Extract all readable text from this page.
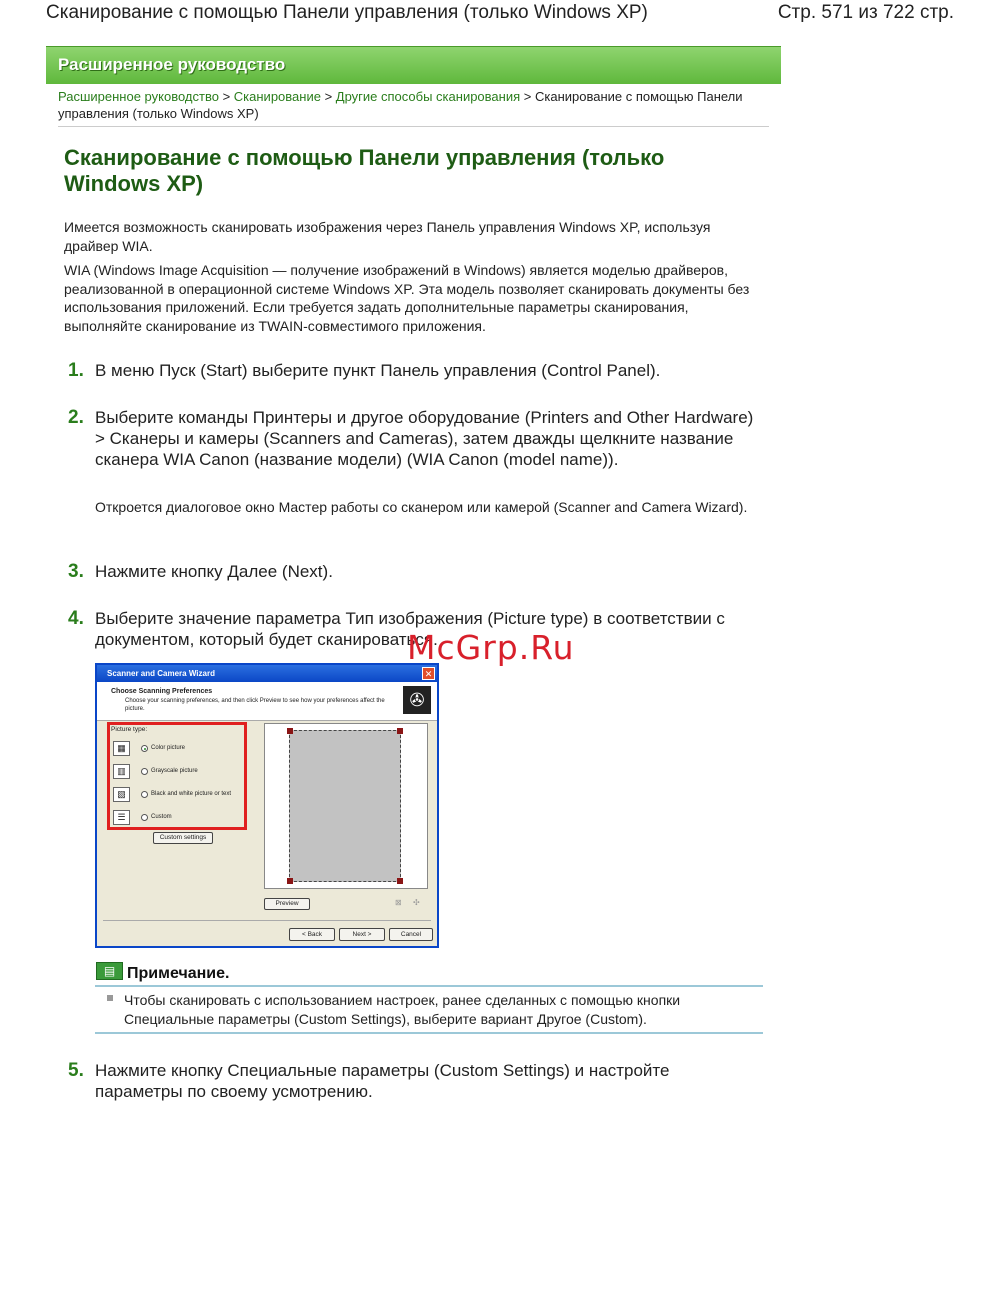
Сканирование с помощью Панели управления (только Windows XP)	Стр. 571 из 722 стр.
Расширенное руководство
Расширенное руководство > Сканирование > Другие способы сканирования > Сканирование с помощью Панели управления (только Windows XP)
Сканирование с помощью Панели управления (только Windows XP)

Имеется возможность сканировать изображения через Панель управления Windows XP, используя драйвер WIA.

WIA (Windows Image Acquisition — получение изображений в Windows) является моделью драйверов, реализованной в операционной системе Windows XP. Эта модель позволяет сканировать документы без использования приложений. Если требуется задать дополнительные параметры сканирования, выполняйте сканирование из TWAIN-совместимого приложения.

1. В меню Пуск (Start) выберите пункт Панель управления (Control Panel).
2. Выберите команды Принтеры и другое оборудование (Printers and Other Hardware) > Сканеры и камеры (Scanners and Cameras), затем дважды щелкните название сканера WIA Canon (название модели) (WIA Canon (model name)).
Откроется диалоговое окно Мастер работы со сканером или камерой (Scanner and Camera Wizard).
3. Нажмите кнопку Далее (Next).
4. Выберите значение параметра Тип изображения (Picture type) в соответствии с документом, который будет сканироваться.
Scanner and Camera Wizard	✕
Choose Scanning Preferences
Choose your scanning preferences, and then click Preview to see how your preferences affect the picture.	✇
Picture type:
▦	Color picture
▥	Grayscale picture
▧	Black and white picture or text
☰	Custom
Custom settings
Preview	⊠ ✣
< Back	Next >	Cancel
McGrp.Ru
▤ Примечание.
Чтобы сканировать с использованием настроек, ранее сделанных с помощью кнопки Специальные параметры (Custom Settings), выберите вариант Другое (Custom).
5. Нажмите кнопку Специальные параметры (Custom Settings) и настройте параметры по своему усмотрению.
